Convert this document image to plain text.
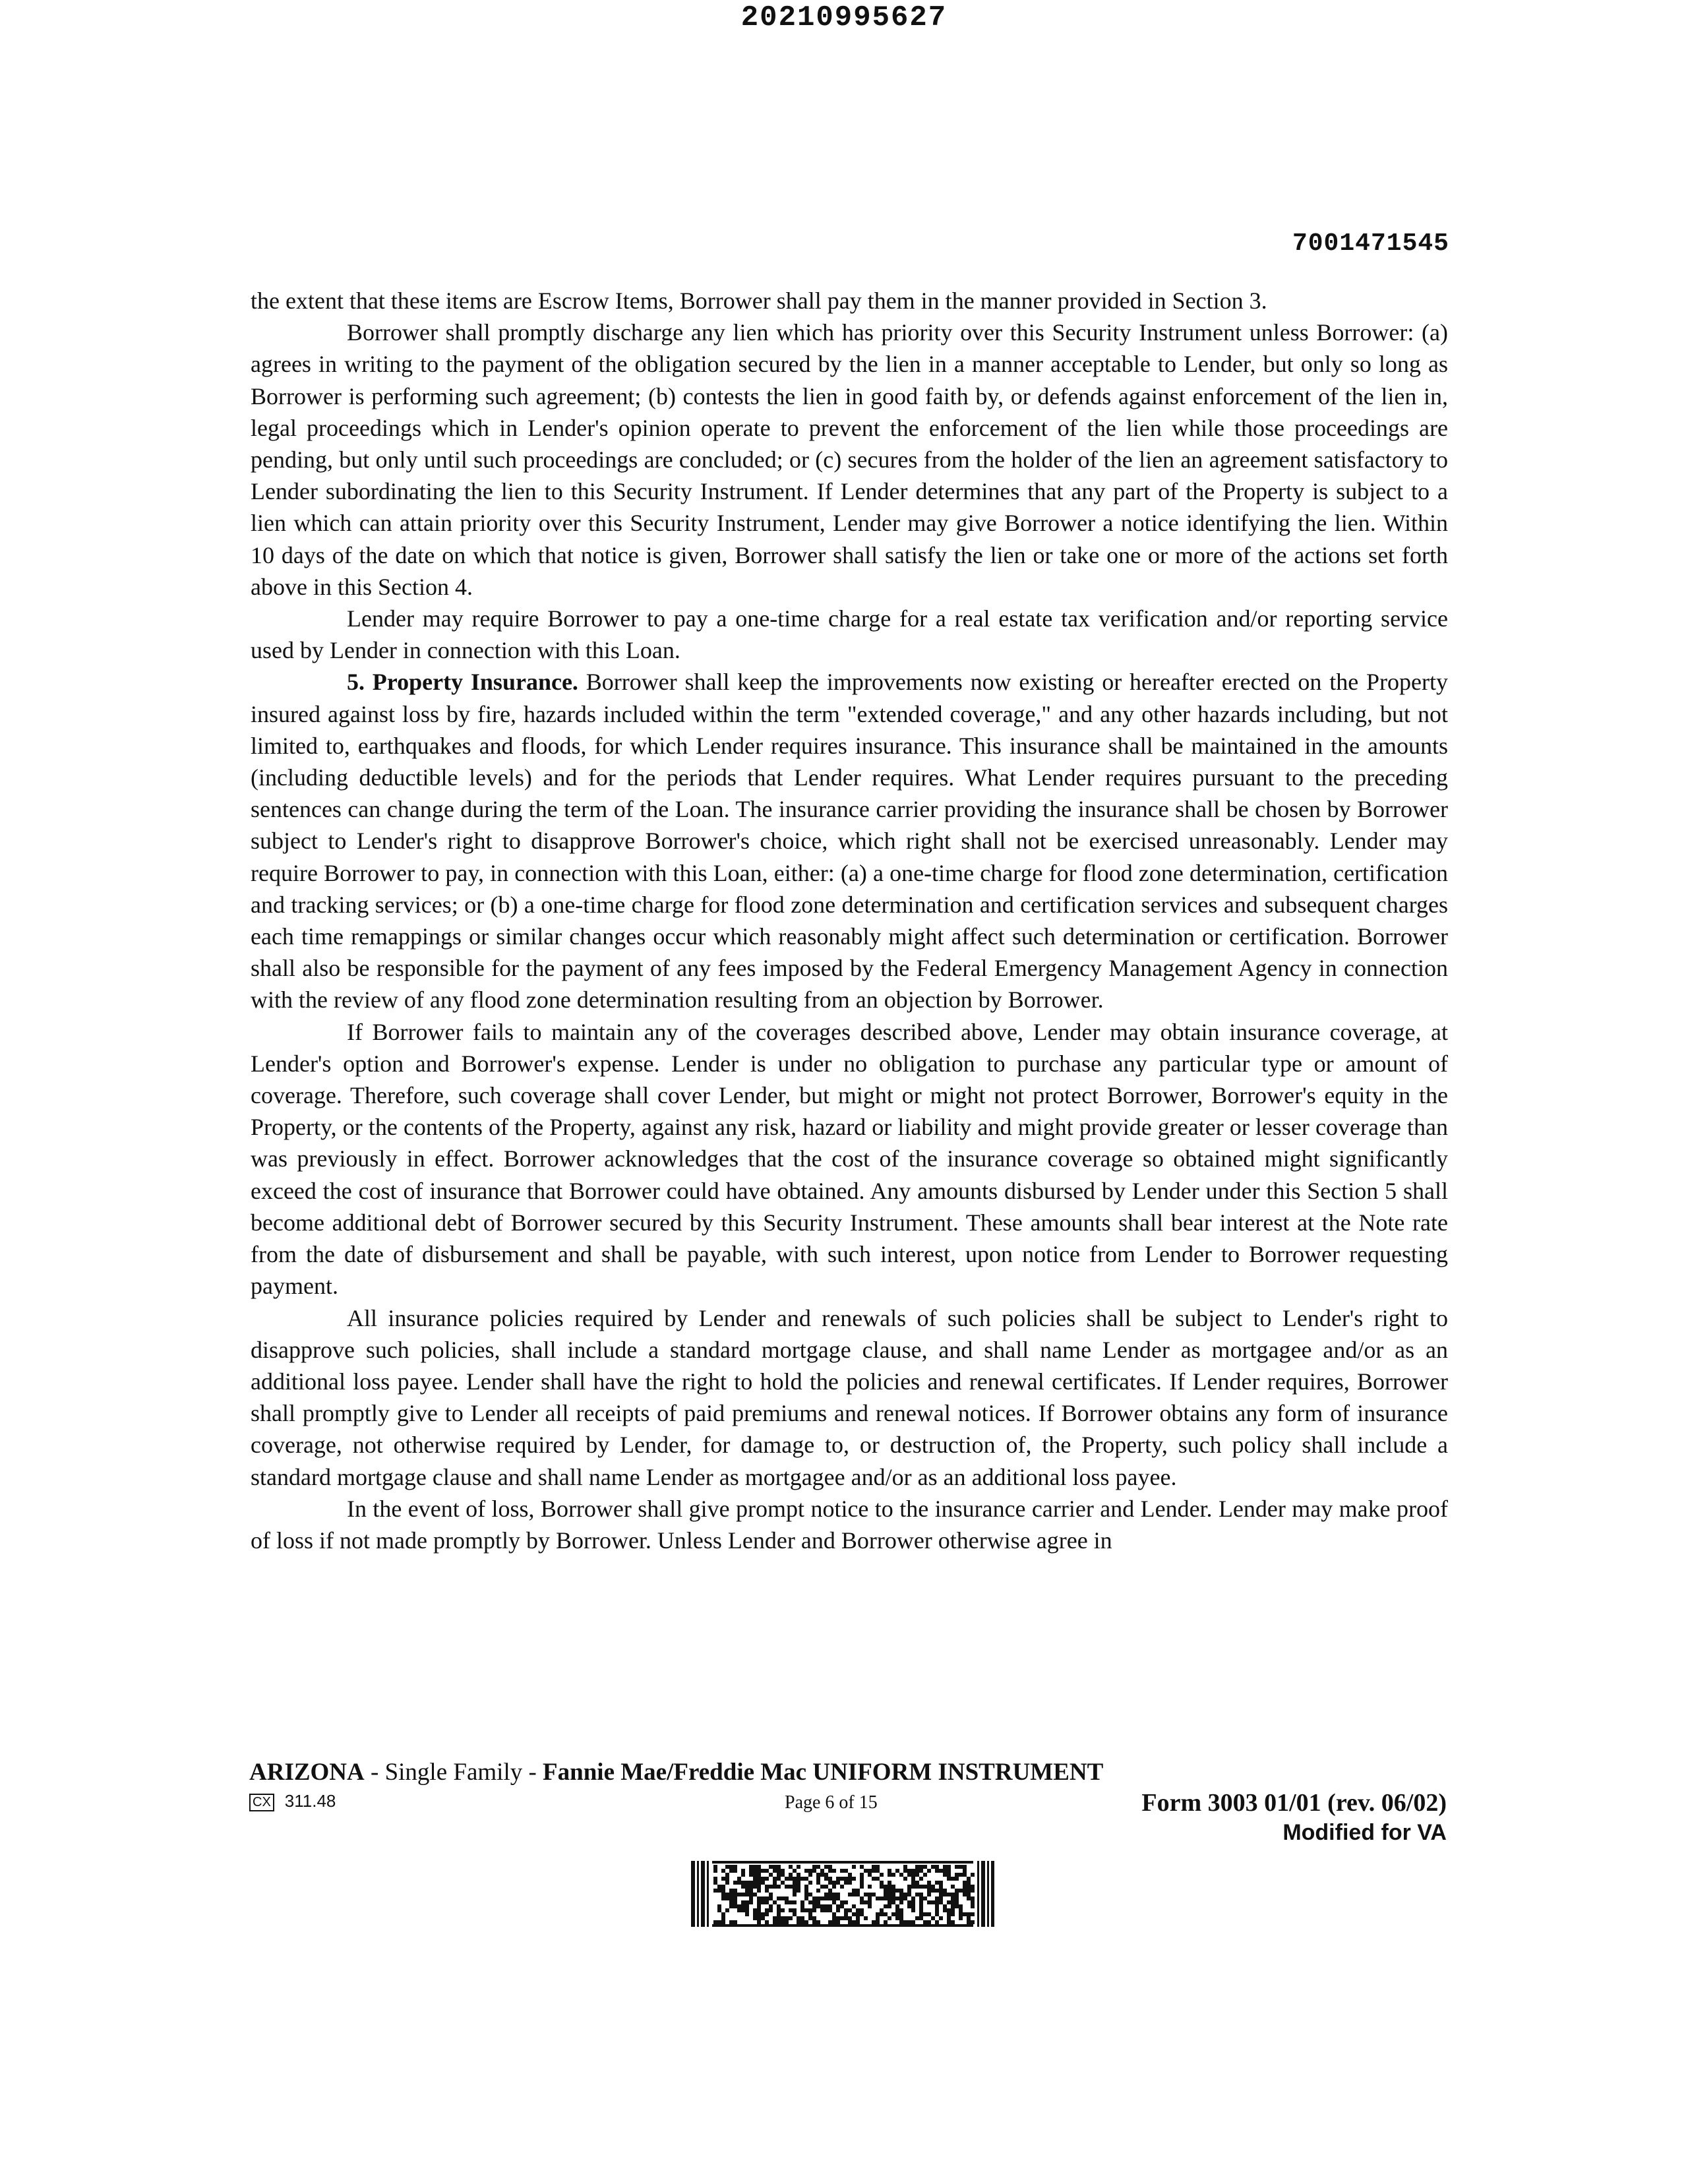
20210995627
7001471545

the extent that these items are Escrow Items, Borrower shall pay them in the manner provided in Section 3.

Borrower shall promptly discharge any lien which has priority over this Security Instrument unless Borrower: (a) agrees in writing to the payment of the obligation secured by the lien in a manner acceptable to Lender, but only so long as Borrower is performing such agreement; (b) contests the lien in good faith by, or defends against enforcement of the lien in, legal proceedings which in Lender's opinion operate to prevent the enforcement of the lien while those proceedings are pending, but only until such proceedings are concluded; or (c) secures from the holder of the lien an agreement satisfactory to Lender subordinating the lien to this Security Instrument. If Lender determines that any part of the Property is subject to a lien which can attain priority over this Security Instrument, Lender may give Borrower a notice identifying the lien. Within 10 days of the date on which that notice is given, Borrower shall satisfy the lien or take one or more of the actions set forth above in this Section 4.

Lender may require Borrower to pay a one-time charge for a real estate tax verification and/or reporting service used by Lender in connection with this Loan.

5. Property Insurance. Borrower shall keep the improvements now existing or hereafter erected on the Property insured against loss by fire, hazards included within the term "extended coverage," and any other hazards including, but not limited to, earthquakes and floods, for which Lender requires insurance. This insurance shall be maintained in the amounts (including deductible levels) and for the periods that Lender requires. What Lender requires pursuant to the preceding sentences can change during the term of the Loan. The insurance carrier providing the insurance shall be chosen by Borrower subject to Lender's right to disapprove Borrower's choice, which right shall not be exercised unreasonably. Lender may require Borrower to pay, in connection with this Loan, either: (a) a one-time charge for flood zone determination, certification and tracking services; or (b) a one-time charge for flood zone determination and certification services and subsequent charges each time remappings or similar changes occur which reasonably might affect such determination or certification. Borrower shall also be responsible for the payment of any fees imposed by the Federal Emergency Management Agency in connection with the review of any flood zone determination resulting from an objection by Borrower.

If Borrower fails to maintain any of the coverages described above, Lender may obtain insurance coverage, at Lender's option and Borrower's expense. Lender is under no obligation to purchase any particular type or amount of coverage. Therefore, such coverage shall cover Lender, but might or might not protect Borrower, Borrower's equity in the Property, or the contents of the Property, against any risk, hazard or liability and might provide greater or lesser coverage than was previously in effect. Borrower acknowledges that the cost of the insurance coverage so obtained might significantly exceed the cost of insurance that Borrower could have obtained. Any amounts disbursed by Lender under this Section 5 shall become additional debt of Borrower secured by this Security Instrument. These amounts shall bear interest at the Note rate from the date of disbursement and shall be payable, with such interest, upon notice from Lender to Borrower requesting payment.

All insurance policies required by Lender and renewals of such policies shall be subject to Lender's right to disapprove such policies, shall include a standard mortgage clause, and shall name Lender as mortgagee and/or as an additional loss payee. Lender shall have the right to hold the policies and renewal certificates. If Lender requires, Borrower shall promptly give to Lender all receipts of paid premiums and renewal notices. If Borrower obtains any form of insurance coverage, not otherwise required by Lender, for damage to, or destruction of, the Property, such policy shall include a standard mortgage clause and shall name Lender as mortgagee and/or as an additional loss payee.

In the event of loss, Borrower shall give prompt notice to the insurance carrier and Lender. Lender may make proof of loss if not made promptly by Borrower. Unless Lender and Borrower otherwise agree in

ARIZONA - Single Family - Fannie Mae/Freddie Mac UNIFORM INSTRUMENT
CX 311.48	Page 6 of 15	Form 3003 01/01 (rev. 06/02)
Modified for VA
